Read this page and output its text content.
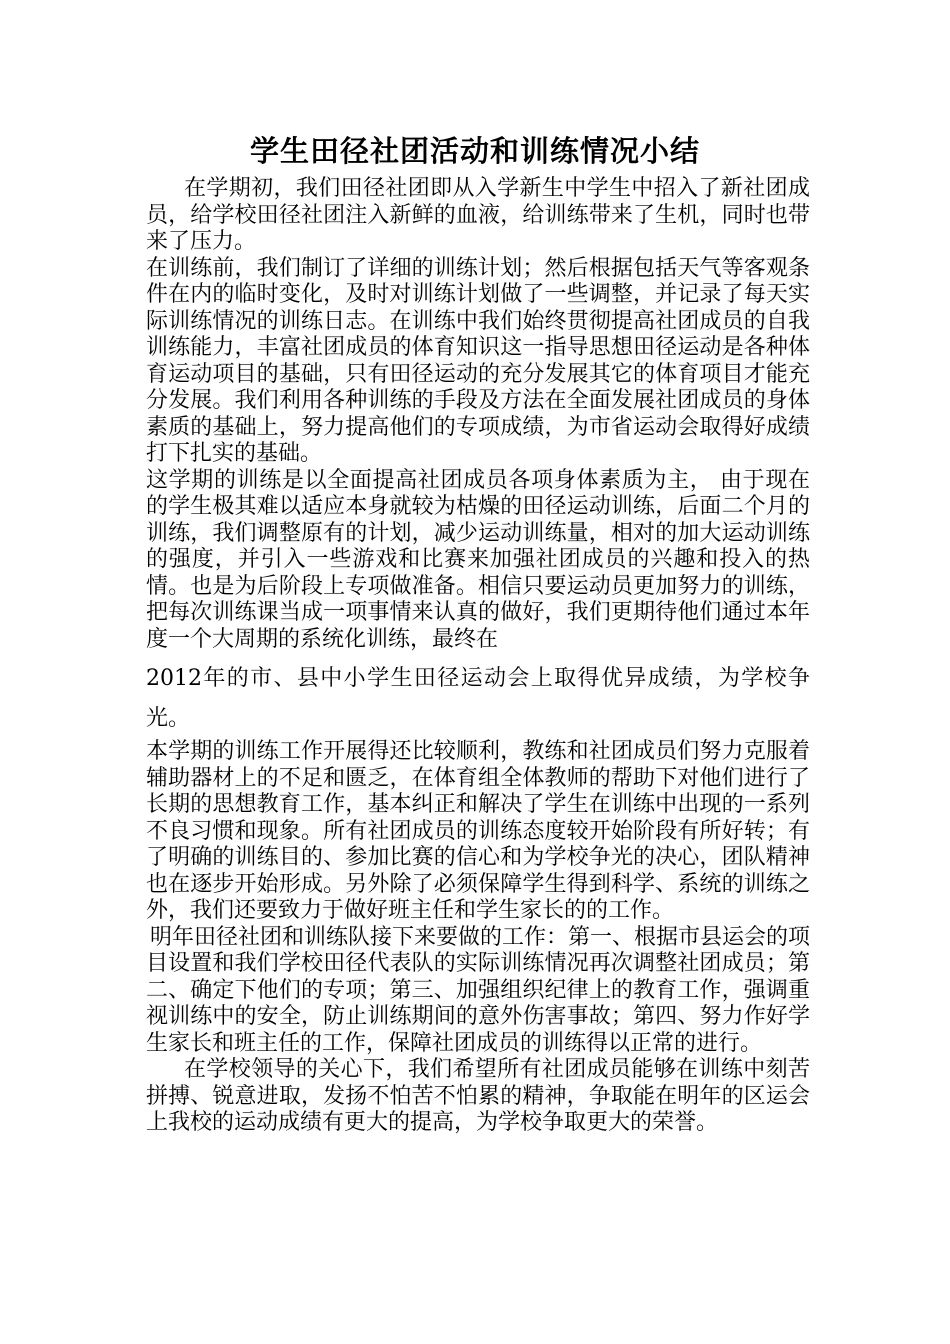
学生田径社团活动和训练情况小结

在学期初，我们田径社团即从入学新生中学生中招入了新社团成员，给学校田径社团注入新鲜的血液，给训练带来了生机，同时也带来了压力。

在训练前，我们制订了详细的训练计划；然后根据包括天气等客观条件在内的临时变化，及时对训练计划做了一些调整，并记录了每天实际训练情况的训练日志。在训练中我们始终贯彻提高社团成员的自我训练能力，丰富社团成员的体育知识这一指导思想田径运动是各种体育运动项目的基础，只有田径运动的充分发展其它的体育项目才能充分发展。我们利用各种训练的手段及方法在全面发展社团成员的身体素质的基础上，努力提高他们的专项成绩，为市省运动会取得好成绩打下扎实的基础。

这学期的训练是以全面提高社团成员各项身体素质为主， 由于现在的学生极其难以适应本身就较为枯燥的田径运动训练，后面二个月的训练，我们调整原有的计划，减少运动训练量，相对的加大运动训练的强度，并引入一些游戏和比赛来加强社团成员的兴趣和投入的热情。也是为后阶段上专项做准备。相信只要运动员更加努力的训练，把每次训练课当成一项事情来认真的做好，我们更期待他们通过本年度一个大周期的系统化训练，最终在

2012年的市、县中小学生田径运动会上取得优异成绩，为学校争光。

本学期的训练工作开展得还比较顺利，教练和社团成员们努力克服着辅助器材上的不足和匮乏，在体育组全体教师的帮助下对他们进行了长期的思想教育工作，基本纠正和解决了学生在训练中出现的一系列不良习惯和现象。所有社团成员的训练态度较开始阶段有所好转；有了明确的训练目的、参加比赛的信心和为学校争光的决心，团队精神也在逐步开始形成。另外除了必须保障学生得到科学、系统的训练之外，我们还要致力于做好班主任和学生家长的的工作。

明年田径社团和训练队接下来要做的工作：第一、根据市县运会的项目设置和我们学校田径代表队的实际训练情况再次调整社团成员；第二、确定下他们的专项；第三、加强组织纪律上的教育工作，强调重视训练中的安全，防止训练期间的意外伤害事故；第四、努力作好学生家长和班主任的工作，保障社团成员的训练得以正常的进行。

在学校领导的关心下，我们希望所有社团成员能够在训练中刻苦拼搏、锐意进取，发扬不怕苦不怕累的精神，争取能在明年的区运会上我校的运动成绩有更大的提高，为学校争取更大的荣誉。
